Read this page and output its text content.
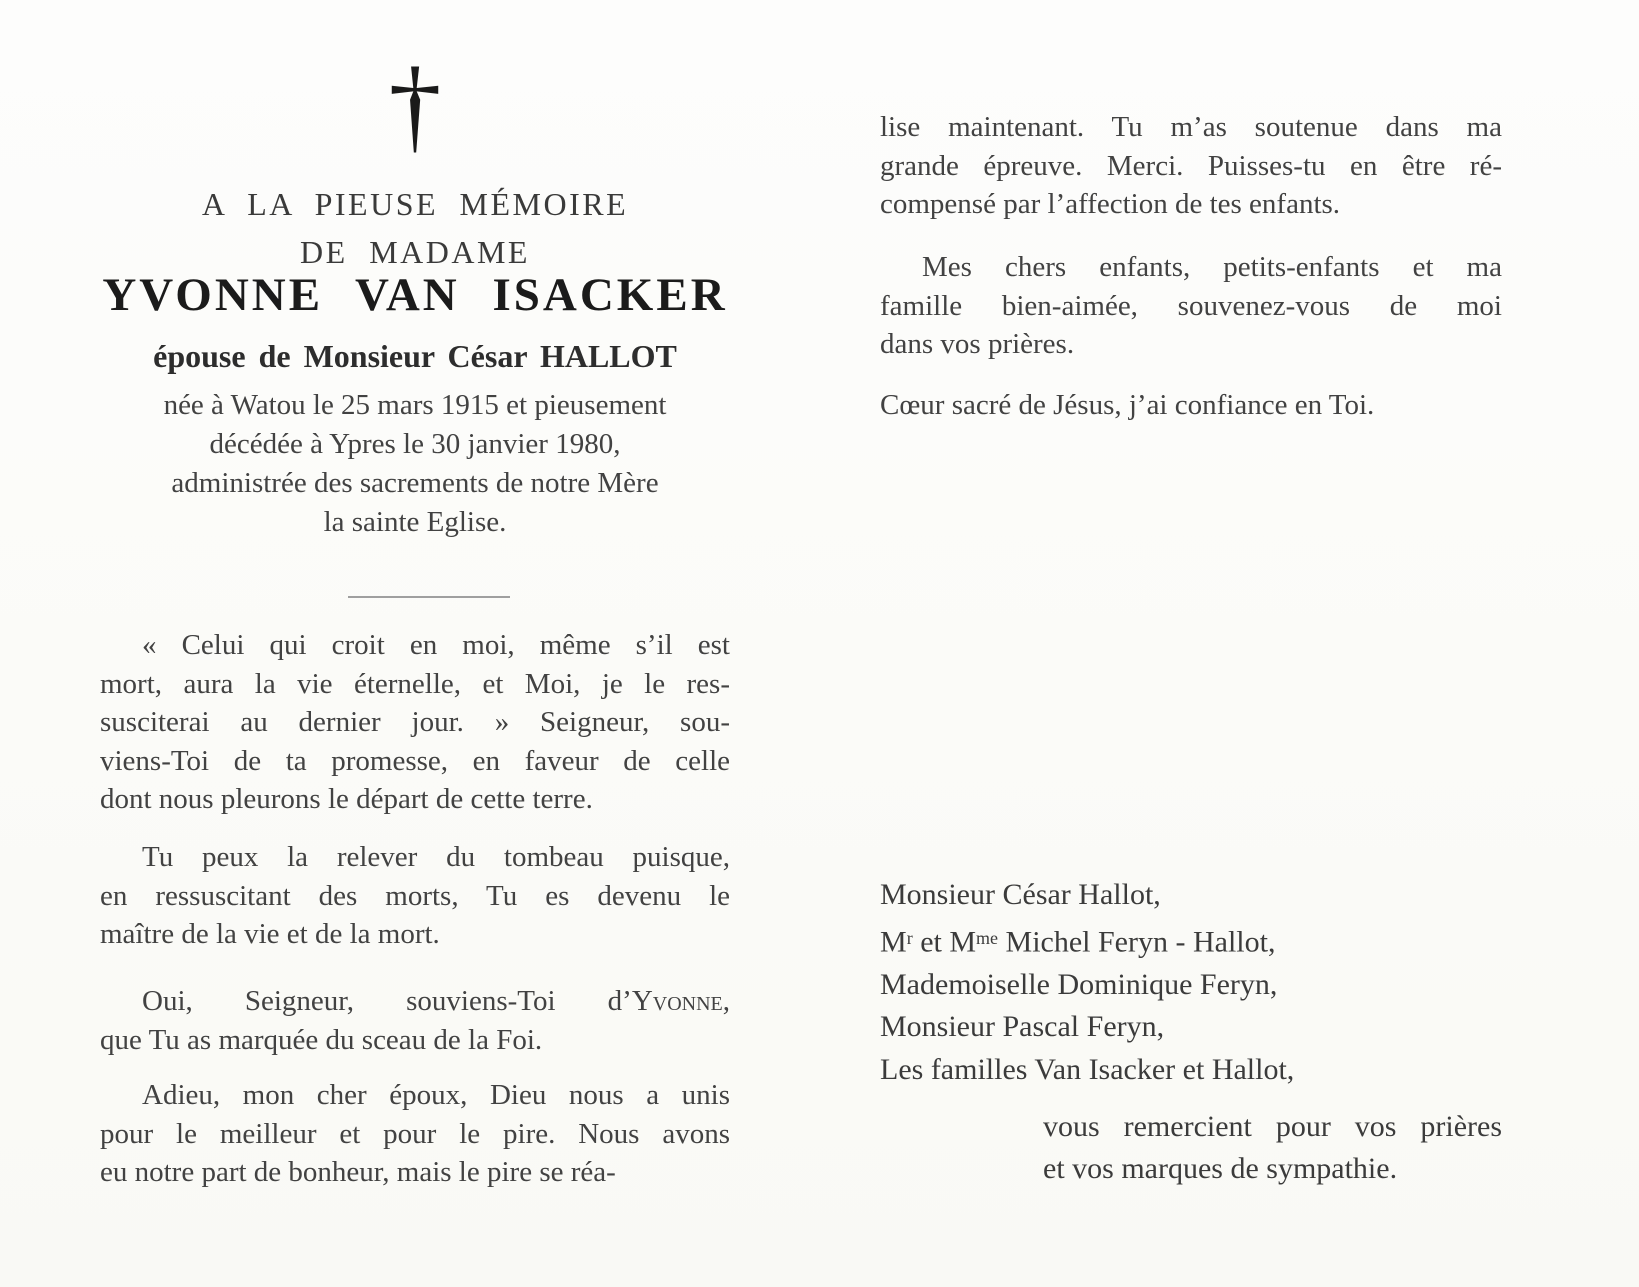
†
A LA PIEUSE MÉMOIRE
DE MADAME
YVONNE VAN ISACKER
épouse de Monsieur César HALLOT
née à Watou le 25 mars 1915 et pieusement
décédée à Ypres le 30 janvier 1980,
administrée des sacrements de notre Mère
la sainte Eglise.
« Celui qui croit en moi, même s’il est
mort, aura la vie éternelle, et Moi, je le res-
susciterai au dernier jour. » Seigneur, sou-
viens-Toi de ta promesse, en faveur de celle
dont nous pleurons le départ de cette terre.
Tu peux la relever du tombeau puisque,
en ressuscitant des morts, Tu es devenu le
maître de la vie et de la mort.
Oui, Seigneur, souviens-Toi d’Yvonne,
que Tu as marquée du sceau de la Foi.
Adieu, mon cher époux, Dieu nous a unis
pour le meilleur et pour le pire. Nous avons
eu notre part de bonheur, mais le pire se réa-
lise maintenant. Tu m’as soutenue dans ma
grande épreuve. Merci. Puisses-tu en être ré-
compensé par l’affection de tes enfants.
Mes chers enfants, petits-enfants et ma
famille bien-aimée, souvenez-vous de moi
dans vos prières.
Cœur sacré de Jésus, j’ai confiance en Toi.
Monsieur César Hallot,
$M^r$ et $M^{me}$ Michel Feryn - Hallot,
Mademoiselle Dominique Feryn,
Monsieur Pascal Feryn,
Les familles Van Isacker et Hallot,
vous remercient pour vos prières
et vos marques de sympathie.
